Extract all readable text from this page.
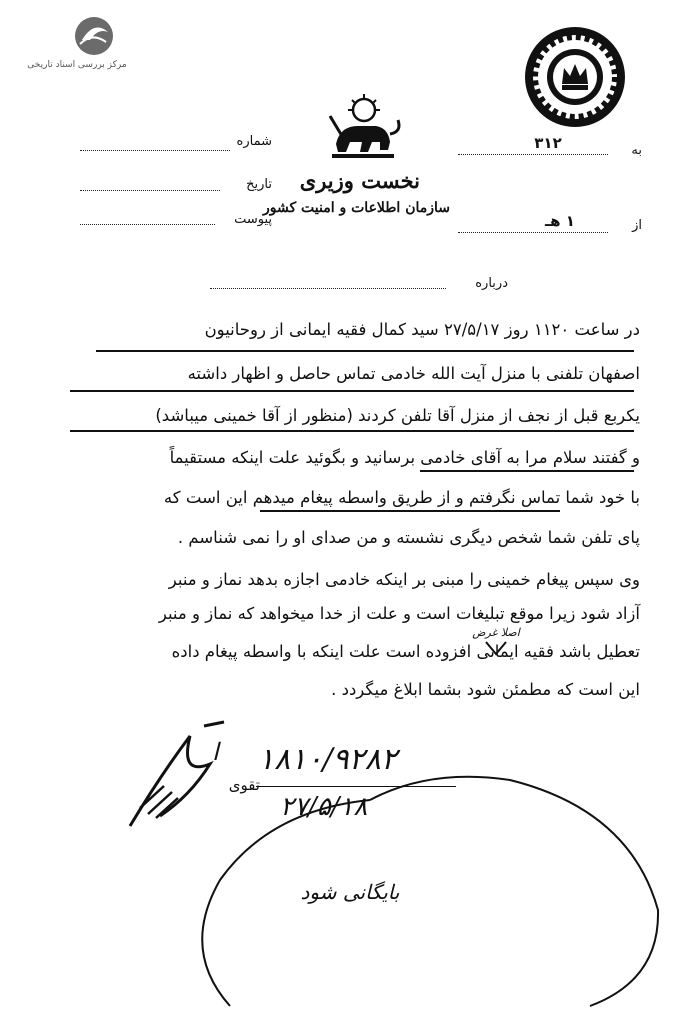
مرکز بررسی اسناد تاریخی
نخست وزیری
سازمان اطلاعات و امنیت کشور
شماره
تاریخ
پیوست
به
۳۱۲
از
۱ هـ
درباره
در ساعت ۱۱۲۰ روز ۲۷/۵/۱۷ سید کمال فقیه ایمانی از روحانیون
اصفهان تلفنی با منزل آیت الله خادمی تماس حاصل و اظهار داشته
یکربع قبل از نجف از منزل آقا تلفن کردند (منظور از آقا خمینی میباشد)
و گفتند سلام مرا به آقای خادمی برسانید و بگوئید علت اینکه مستقیماً
با خود شما تماس نگرفتم و از طریق واسطه پیغام میدهم این است که
پای تلفن شما شخص دیگری نشسته و من صدای او را نمی شناسم .
وی سپس پیغام خمینی را مبنی بر اینکه خادمی اجازه بدهد نماز و منبر
آزاد شود زیرا موقع تبلیغات است و علت از خدا میخواهد که نماز و منبر
اصلا غرض
تعطیل باشد فقیه ایمانی افزوده است علت اینکه با واسطه پیغام داده
این است که مطمئن شود بشما ابلاغ میگردد .
ا ۱۸۱۰/۹۲۸۲
تقوی
۲۷/۵/۱۸
بایگانی شود
